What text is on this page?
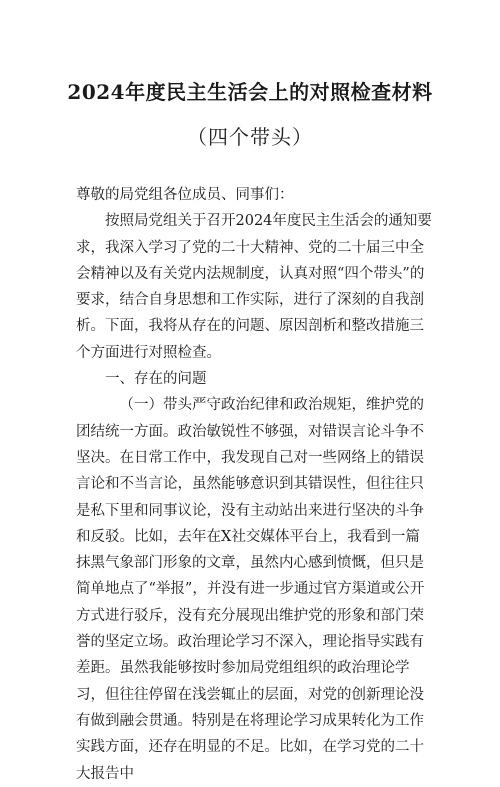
2024年度民主生活会上的对照检查材料
（四个带头）

尊敬的局党组各位成员、同事们：

按照局党组关于召开2024年度民主生活会的通知要求，我深入学习了党的二十大精神、党的二十届三中全会精神以及有关党内法规制度，认真对照“四个带头”的要求，结合自身思想和工作实际，进行了深刻的自我剖析。下面，我将从存在的问题、原因剖析和整改措施三个方面进行对照检查。

一、存在的问题

（一）带头严守政治纪律和政治规矩，维护党的团结统一方面。政治敏锐性不够强，对错误言论斗争不坚决。在日常工作中，我发现自己对一些网络上的错误言论和不当言论，虽然能够意识到其错误性，但往往只是私下里和同事议论，没有主动站出来进行坚决的斗争和反驳。比如，去年在X社交媒体平台上，我看到一篇抹黑气象部门形象的文章，虽然内心感到愤慨，但只是简单地点了“举报”，并没有进一步通过官方渠道或公开方式进行驳斥，没有充分展现出维护党的形象和部门荣誉的坚定立场。政治理论学习不深入，理论指导实践有差距。虽然我能够按时参加局党组组织的政治理论学习，但往往停留在浅尝辄止的层面，对党的创新理论没有做到融会贯通。特别是在将理论学习成果转化为工作实践方面，还存在明显的不足。比如，在学习党的二十大报告中
